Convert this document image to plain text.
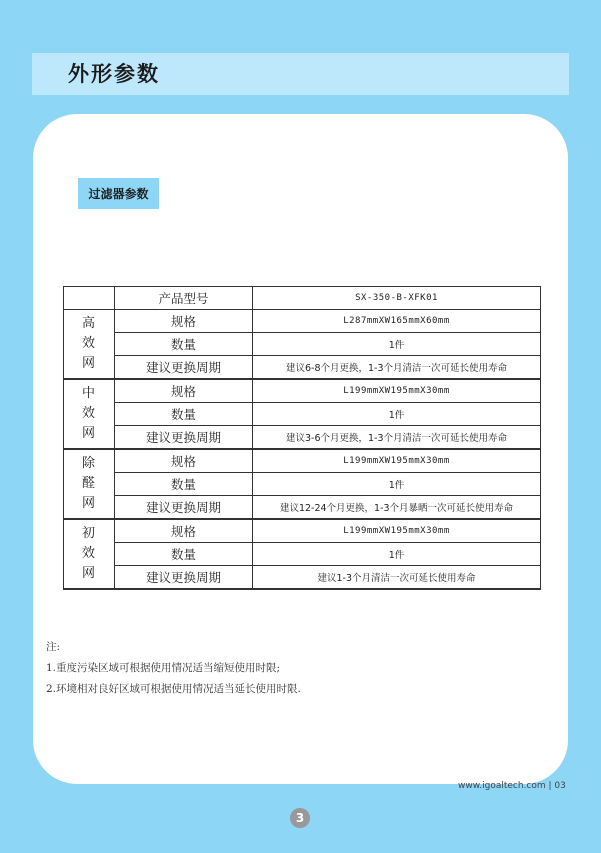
外形参数
过滤器参数
	产品型号	SX-350-B-XFK01
高效网	规格	L287mmXW165mmX60mm
	数量	1件
	建议更换周期	建议6-8个月更换，1-3个月清洁一次可延长使用寿命
中效网	规格	L199mmXW195mmX30mm
	数量	1件
	建议更换周期	建议3-6个月更换，1-3个月清洁一次可延长使用寿命
除醛网	规格	L199mmXW195mmX30mm
	数量	1件
	建议更换周期	建议12-24个月更换，1-3个月暴晒一次可延长使用寿命
初效网	规格	L199mmXW195mmX30mm
	数量	1件
	建议更换周期	建议1-3个月清洁一次可延长使用寿命
注:
1.重度污染区域可根据使用情况适当缩短使用时限;
2.环境相对良好区域可根据使用情况适当延长使用时限.
www.igoaltech.com | 03
3
